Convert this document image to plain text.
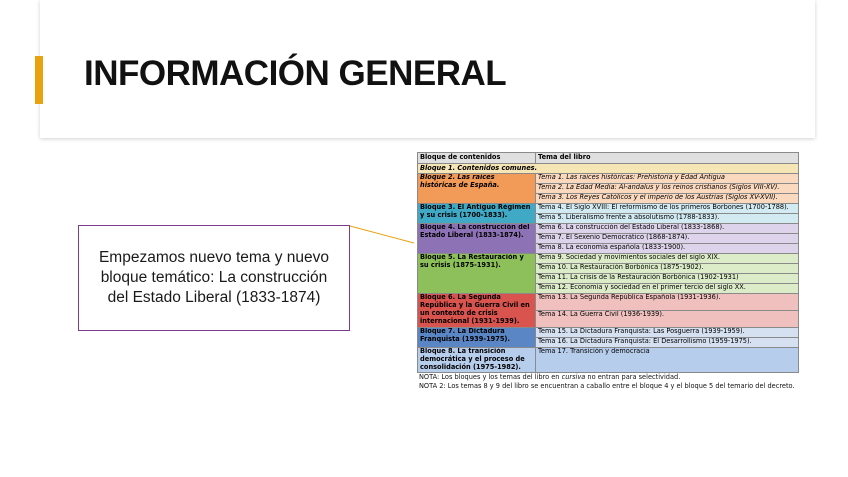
INFORMACIÓN GENERAL
Empezamos nuevo tema y nuevo bloque temático: La construcción del Estado Liberal (1833-1874)
Bloque de contenidos	Tema del libro
Bloque 1. Contenidos comunes.	
Bloque 2. Las raíces históricas de España.	Tema 1. Las raíces históricas: Prehistoria y Edad Antigua
	Tema 2. La Edad Media: Al-andalus y los reinos cristianos (Siglos VIII-XV).
	Tema 3. Los Reyes Católicos y el imperio de los Austrias (Siglos XV-XVII).
Bloque 3. El Antiguo Régimen y su crisis (1700-1833).	Tema 4. El Siglo XVIII: El reformismo de los primeros Borbones (1700-1788).
	Tema 5. Liberalismo frente a absolutismo (1788-1833).
Bloque 4. La construcción del Estado Liberal (1833-1874).	Tema 6. La construcción del Estado Liberal (1833-1868).
	Tema 7. El Sexenio Democrático (1868-1874).
	Tema 8. La economía española (1833-1900).
Bloque 5. La Restauración y su crisis (1875-1931).	Tema 9. Sociedad y movimientos sociales del siglo XIX.
	Tema 10. La Restauración Borbónica (1875-1902).
	Tema 11. La crisis de la Restauración Borbónica (1902-1931)
	Tema 12. Economía y sociedad en el primer tercio del siglo XX.
Bloque 6. La Segunda República y la Guerra Civil en un contexto de crisis internacional (1931-1939).	Tema 13. La Segunda República Española (1931-1936).
	Tema 14. La Guerra Civil (1936-1939).
Bloque 7. La Dictadura Franquista (1939-1975).	Tema 15. La Dictadura Franquista: Las Posguerra (1939-1959).
	Tema 16. La Dictadura Franquista: El Desarrollismo (1959-1975).
Bloque 8. La transición democrática y el proceso de consolidación (1975-1982).	Tema 17. Transición y democracia

NOTA: Los bloques y los temas del libro en cursiva no entran para selectividad.

NOTA 2: Los temas 8 y 9 del libro se encuentran a caballo entre el bloque 4 y el bloque 5 del temario del decreto.
